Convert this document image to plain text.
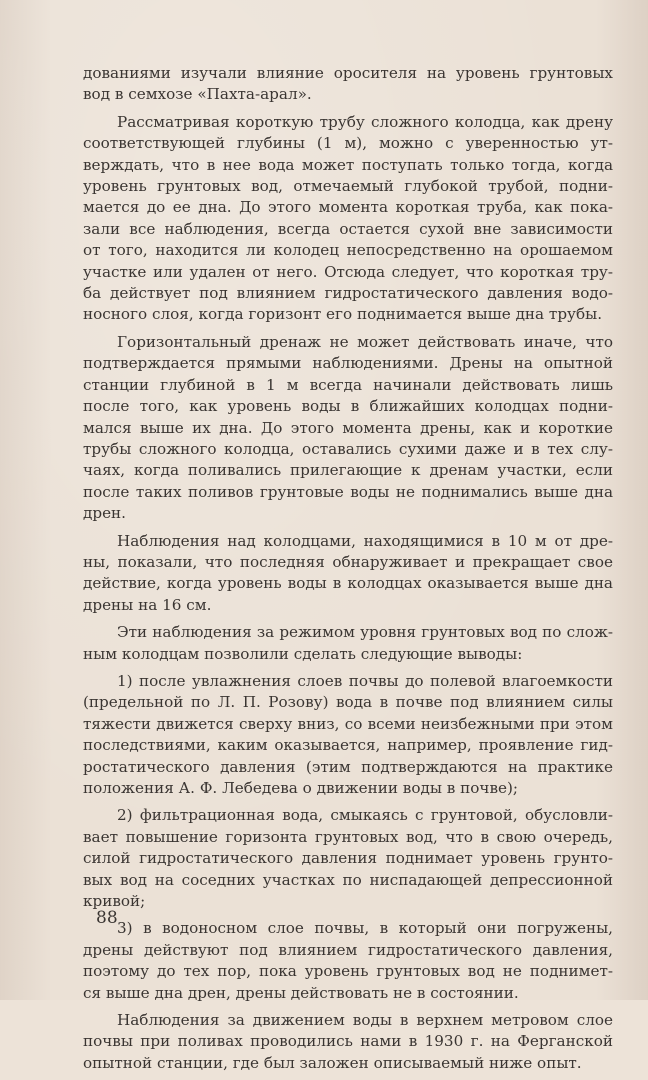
дованиями изучали влияние оросителя на уровень грунтовых
вод в семхозе «Пахта-арал».

Рассматривая короткую трубу сложного колодца, как дрену
соответствующей глубины (1 м), можно с уверенностью ут-
верждать, что в нее вода может поступать только тогда, когда
уровень грунтовых вод, отмечаемый глубокой трубой, подни-
мается до ее дна. До этого момента короткая труба, как пока-
зали все наблюдения, всегда остается сухой вне зависимости
от того, находится ли колодец непосредственно на орошаемом
участке или удален от него. Отсюда следует, что короткая тру-
ба действует под влиянием гидростатического давления водо-
носного слоя, когда горизонт его поднимается выше дна трубы.

Горизонтальный дренаж не может действовать иначе, что
подтверждается прямыми наблюдениями. Дрены на опытной
станции глубиной в 1 м всегда начинали действовать лишь
после того, как уровень воды в ближайших колодцах подни-
мался выше их дна. До этого момента дрены, как и короткие
трубы сложного колодца, оставались сухими даже и в тех слу-
чаях, когда поливались прилегающие к дренам участки, если
после таких поливов грунтовые воды не поднимались выше дна
дрен.

Наблюдения над колодцами, находящимися в 10 м от дре-
ны, показали, что последняя обнаруживает и прекращает свое
действие, когда уровень воды в колодцах оказывается выше дна
дрены на 16 см.

Эти наблюдения за режимом уровня грунтовых вод по слож-
ным колодцам позволили сделать следующие выводы:

1) после увлажнения слоев почвы до полевой влагоемкости
(предельной по Л. П. Розову) вода в почве под влиянием силы
тяжести движется сверху вниз, со всеми неизбежными при этом
последствиями, каким оказывается, например, проявление гид-
ростатического давления (этим подтверждаются на практике
положения А. Ф. Лебедева о движении воды в почве);

2) фильтрационная вода, смыкаясь с грунтовой, обусловли-
вает повышение горизонта грунтовых вод, что в свою очередь,
силой гидростатического давления поднимает уровень грунто-
вых вод на соседних участках по ниспадающей депрессионной
кривой;

3) в водоносном слое почвы, в который они погружены,
дрены действуют под влиянием гидростатического давления,
поэтому до тех пор, пока уровень грунтовых вод не поднимет-
ся выше дна дрен, дрены действовать не в состоянии.

Наблюдения за движением воды в верхнем метровом слое
почвы при поливах проводились нами в 1930 г. на Ферганской
опытной станции, где был заложен описываемый ниже опыт.

88
